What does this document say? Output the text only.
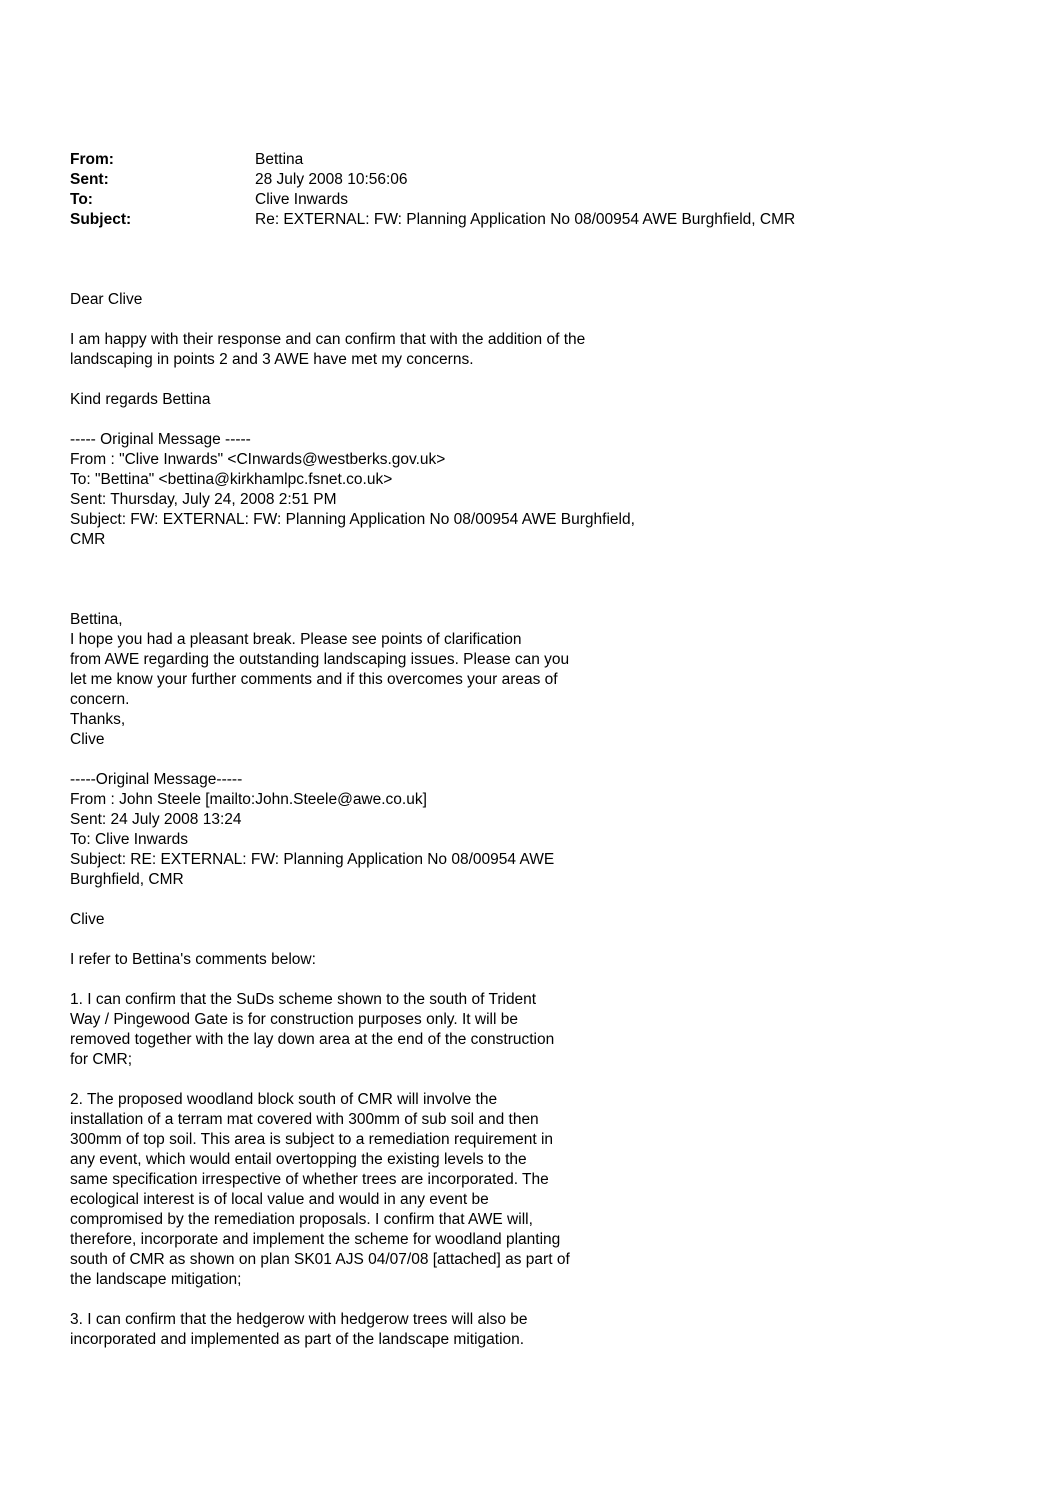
From:	Bettina
Sent:	28 July 2008 10:56:06
To:	Clive Inwards
Subject:	Re: EXTERNAL: FW: Planning Application No 08/00954 AWE Burghfield, CMR

Dear Clive

I am happy with their response and can confirm that with the addition of the
landscaping in points 2 and 3 AWE have met my concerns.

Kind regards Bettina

----- Original Message -----

From : "Clive Inwards" <CInwards@westberks.gov.uk>

To: "Bettina" <bettina@kirkhamlpc.fsnet.co.uk>

Sent: Thursday, July 24, 2008 2:51 PM

Subject: FW: EXTERNAL: FW: Planning Application No 08/00954 AWE Burghfield,
CMR

Bettina,
I hope you had a pleasant break. Please see points of clarification
from AWE regarding the outstanding landscaping issues. Please can you
let me know your further comments and if this overcomes your areas of
concern.
Thanks,
Clive

-----Original Message-----

From : John Steele [mailto:John.Steele@awe.co.uk]

Sent: 24 July 2008 13:24

To: Clive Inwards

Subject: RE: EXTERNAL: FW: Planning Application No 08/00954 AWE
Burghfield, CMR

Clive

I refer to Bettina's comments below:

1. I can confirm that the SuDs scheme shown to the south of Trident
Way / Pingewood Gate is for construction purposes only. It will be
removed together with the lay down area at the end of the construction
for CMR;

2. The proposed woodland block south of CMR will involve the
installation of a terram mat covered with 300mm of sub soil and then
300mm of top soil. This area is subject to a remediation requirement in
any event, which would entail overtopping the existing levels to the
same specification irrespective of whether trees are incorporated. The
ecological interest is of local value and would in any event be
compromised by the remediation proposals. I confirm that AWE will,
therefore, incorporate and implement the scheme for woodland planting
south of CMR as shown on plan SK01 AJS 04/07/08 [attached] as part of
the landscape mitigation;

3. I can confirm that the hedgerow with hedgerow trees will also be
incorporated and implemented as part of the landscape mitigation.
